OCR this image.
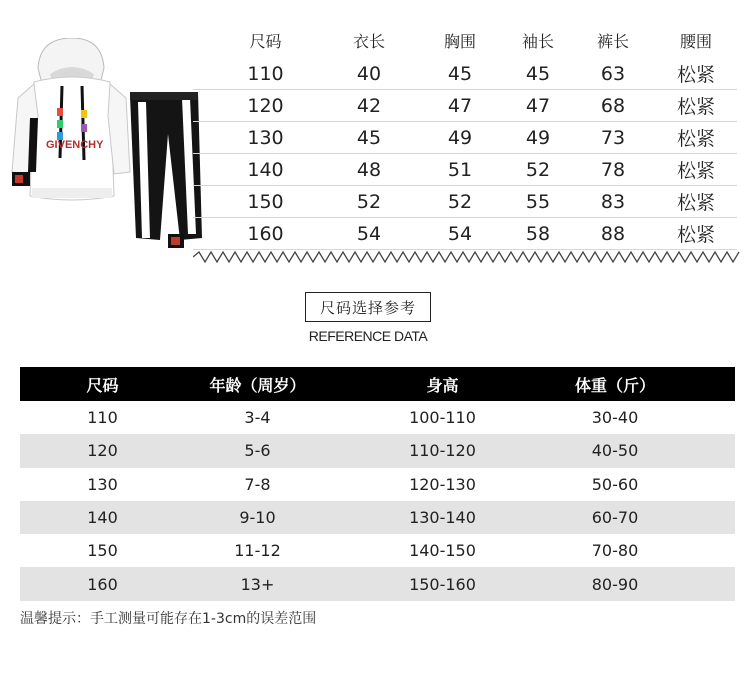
GIVENCHY
尺码	衣长	胸围	袖长	裤长	腰围
110	40	45	45	63	松紧
120	42	47	47	68	松紧
130	45	49	49	73	松紧
140	48	51	52	78	松紧
150	52	52	55	83	松紧
160	54	54	58	88	松紧
尺码选择参考
REFERENCE DATA
尺码	年龄（周岁）	身高	体重（斤）
110	3-4	100-110	30-40
120	5-6	110-120	40-50
130	7-8	120-130	50-60
140	9-10	130-140	60-70
150	11-12	140-150	70-80
160	13+	150-160	80-90
温馨提示：手工测量可能存在1-3cm的误差范围
